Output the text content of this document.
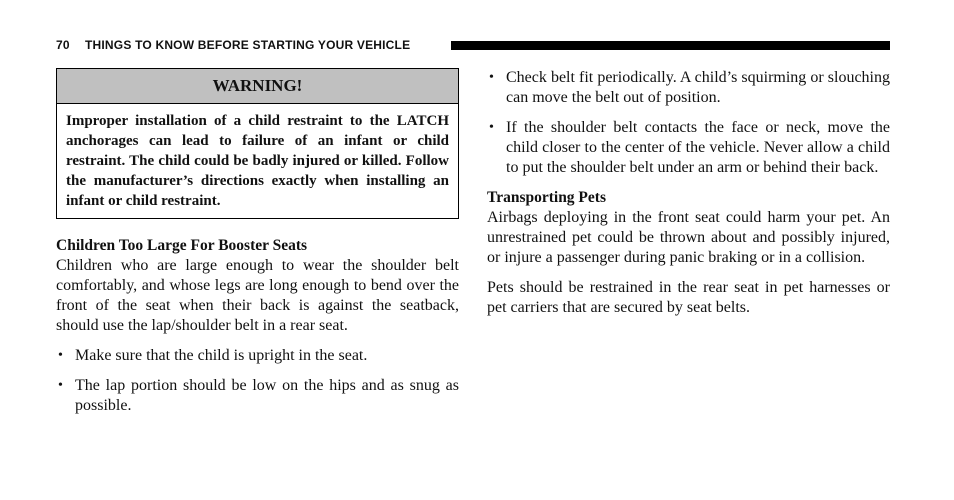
70 THINGS TO KNOW BEFORE STARTING YOUR VEHICLE
WARNING!
Improper installation of a child restraint to the LATCH anchorages can lead to failure of an infant or child restraint. The child could be badly injured or killed. Follow the manufacturer’s directions exactly when installing an infant or child restraint.

Children Too Large For Booster Seats

Children who are large enough to wear the shoulder belt comfortably, and whose legs are long enough to bend over the front of the seat when their back is against the seatback, should use the lap/shoulder belt in a rear seat.

• Make sure that the child is upright in the seat.
• The lap portion should be low on the hips and as snug as possible.
• Check belt fit periodically. A child’s squirming or slouching can move the belt out of position.
• If the shoulder belt contacts the face or neck, move the child closer to the center of the vehicle. Never allow a child to put the shoulder belt under an arm or behind their back.

Transporting Pets

Airbags deploying in the front seat could harm your pet. An unrestrained pet could be thrown about and possibly injured, or injure a passenger during panic braking or in a collision.

Pets should be restrained in the rear seat in pet harnesses or pet carriers that are secured by seat belts.
